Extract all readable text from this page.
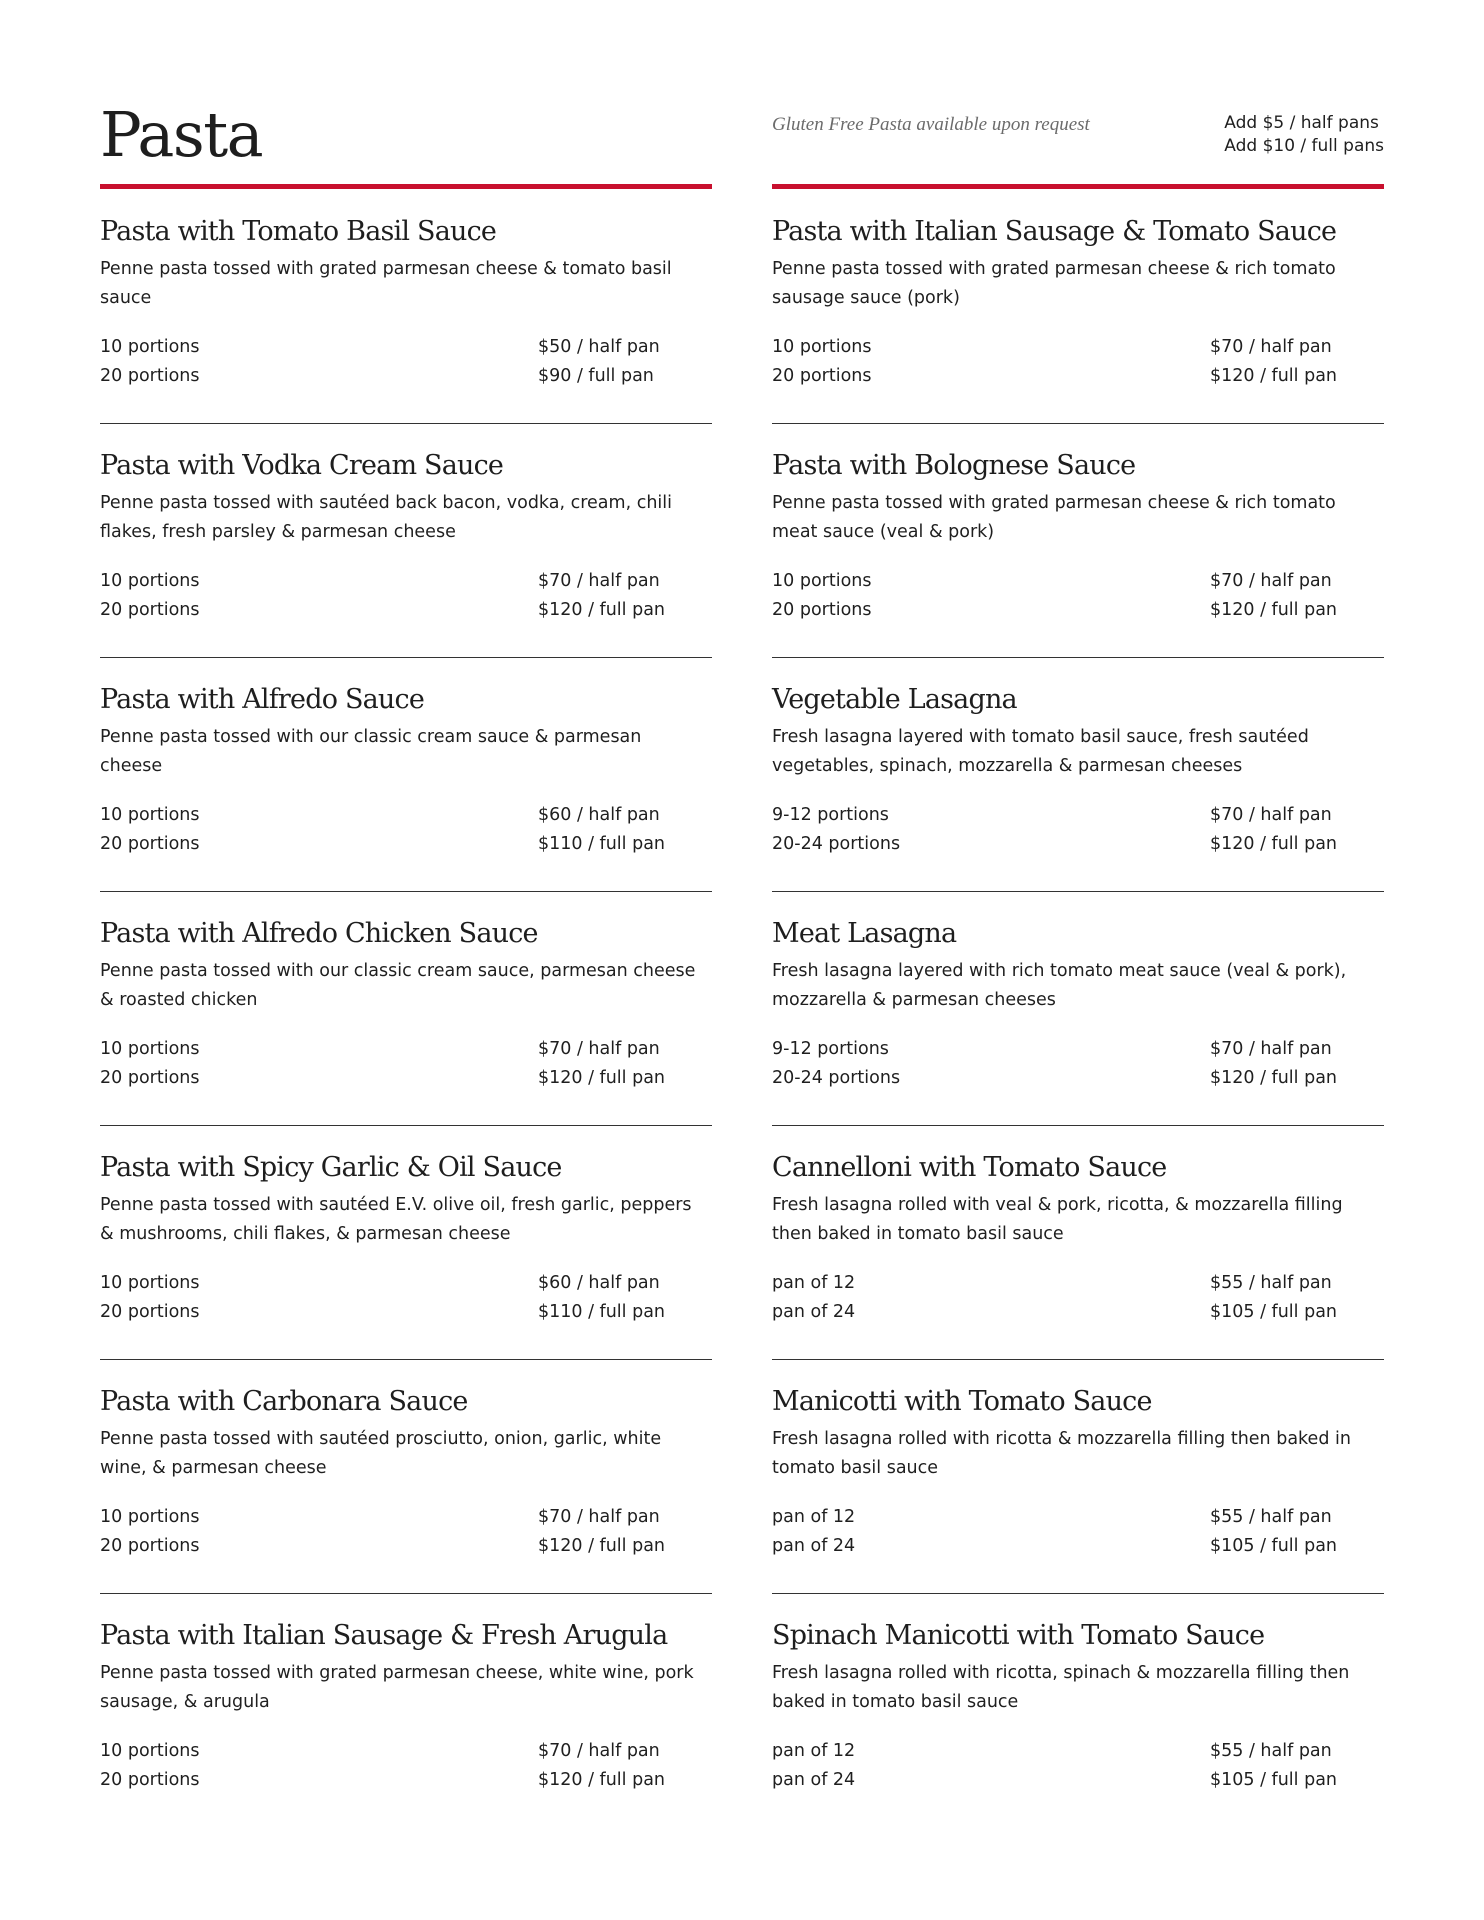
Pasta
Pasta with Tomato Basil Sauce
Penne pasta tossed with grated parmesan cheese & tomato basil sauce
10 portions	$50 / half pan
20 portions	$90 / full pan
Pasta with Vodka Cream Sauce
Penne pasta tossed with sautéed back bacon, vodka, cream, chili flakes, fresh parsley & parmesan cheese
10 portions	$70 / half pan
20 portions	$120 / full pan
Pasta with Alfredo Sauce
Penne pasta tossed with our classic cream sauce & parmesan cheese
10 portions	$60 / half pan
20 portions	$110 / full pan
Pasta with Alfredo Chicken Sauce
Penne pasta tossed with our classic cream sauce, parmesan cheese & roasted chicken
10 portions	$70 / half pan
20 portions	$120 / full pan
Pasta with Spicy Garlic & Oil Sauce
Penne pasta tossed with sautéed E.V. olive oil, fresh garlic, peppers & mushrooms, chili flakes, & parmesan cheese
10 portions	$60 / half pan
20 portions	$110 / full pan
Pasta with Carbonara Sauce
Penne pasta tossed with sautéed prosciutto, onion, garlic, white wine, & parmesan cheese
10 portions	$70 / half pan
20 portions	$120 / full pan
Pasta with Italian Sausage & Fresh Arugula
Penne pasta tossed with grated parmesan cheese, white wine, pork sausage, & arugula
10 portions	$70 / half pan
20 portions	$120 / full pan
Gluten Free Pasta available upon request	Add $5 / half pans
Add $10 / full pans
Pasta with Italian Sausage & Tomato Sauce
Penne pasta tossed with grated parmesan cheese & rich tomato sausage sauce (pork)
10 portions	$70 / half pan
20 portions	$120 / full pan
Pasta with Bolognese Sauce
Penne pasta tossed with grated parmesan cheese & rich tomato meat sauce (veal & pork)
10 portions	$70 / half pan
20 portions	$120 / full pan
Vegetable Lasagna
Fresh lasagna layered with tomato basil sauce, fresh sautéed vegetables, spinach, mozzarella & parmesan cheeses
9-12 portions	$70 / half pan
20-24 portions	$120 / full pan
Meat Lasagna
Fresh lasagna layered with rich tomato meat sauce (veal & pork), mozzarella & parmesan cheeses
9-12 portions	$70 / half pan
20-24 portions	$120 / full pan
Cannelloni with Tomato Sauce
Fresh lasagna rolled with veal & pork, ricotta, & mozzarella filling then baked in tomato basil sauce
pan of 12	$55 / half pan
pan of 24	$105 / full pan
Manicotti with Tomato Sauce
Fresh lasagna rolled with ricotta & mozzarella filling then baked in tomato basil sauce
pan of 12	$55 / half pan
pan of 24	$105 / full pan
Spinach Manicotti with Tomato Sauce
Fresh lasagna rolled with ricotta, spinach & mozzarella filling then baked in tomato basil sauce
pan of 12	$55 / half pan
pan of 24	$105 / full pan
